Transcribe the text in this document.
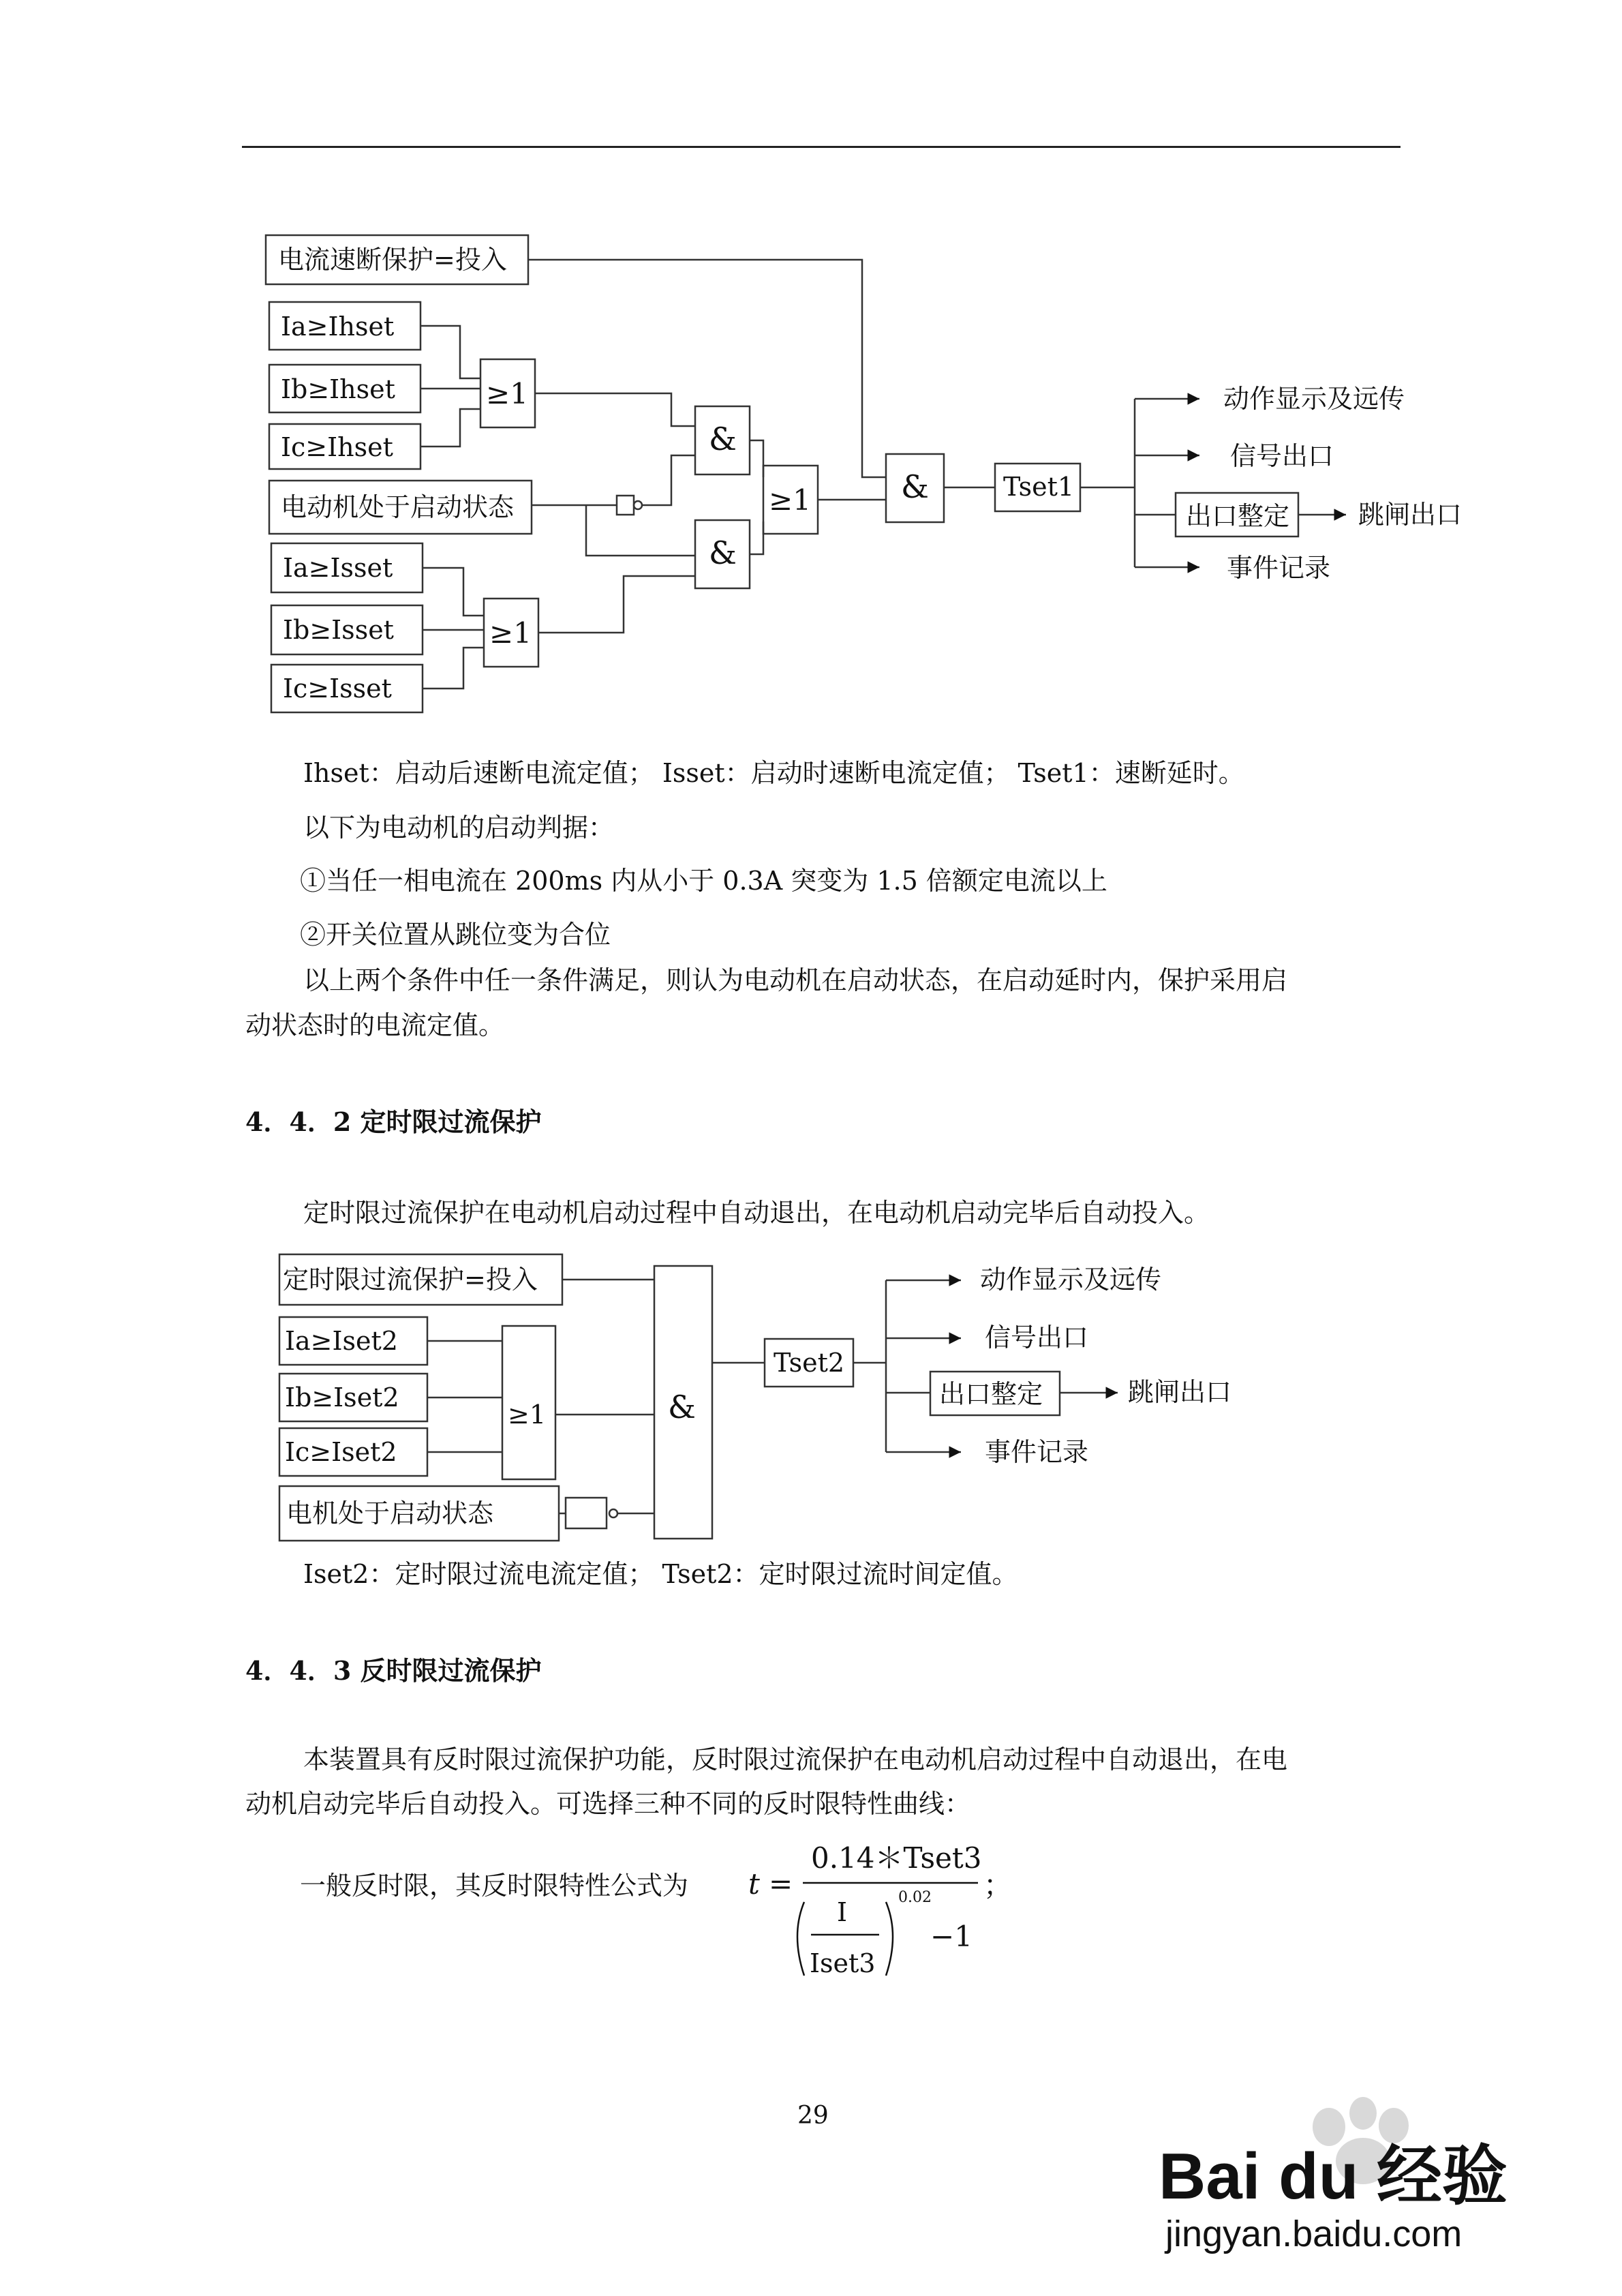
电流速断保护=投入
Ia≥Ihset
Ib≥Ihset
Ic≥Ihset
电动机处于启动状态
Ia≥Isset
Ib≥Isset
Ic≥Isset
≥1
&
&
≥1
≥1
&	Tset1
动作显示及远传
信号出口
出口整定	跳闸出口
事件记录
Ihset：启动后速断电流定值； Isset：启动时速断电流定值； Tset1：速断延时。
以下为电动机的启动判据：
①当任一相电流在 200ms 内从小于 0.3A 突变为 1.5 倍额定电流以上
②开关位置从跳位变为合位
以上两个条件中任一条件满足，则认为电动机在启动状态，在启动延时内，保护采用启
动状态时的电流定值。
4．4．2 定时限过流保护
定时限过流保护在电动机启动过程中自动退出，在电动机启动完毕后自动投入。
定时限过流保护=投入
Ia≥Iset2
Ib≥Iset2
Ic≥Iset2
电机处于启动状态
≥1	&
Tset2
动作显示及远传
信号出口
出口整定	跳闸出口
事件记录
Iset2：定时限过流电流定值； Tset2：定时限过流时间定值。
4．4．3 反时限过流保护
本装置具有反时限过流保护功能，反时限过流保护在电动机启动过程中自动退出，在电
动机启动完毕后自动投入。可选择三种不同的反时限特性曲线：
一般反时限，其反时限特性公式为 t =
0.14＊Tset3
I
Iset3
0.02
−1
；
29
Bai du 经验
jingyan.baidu.com
